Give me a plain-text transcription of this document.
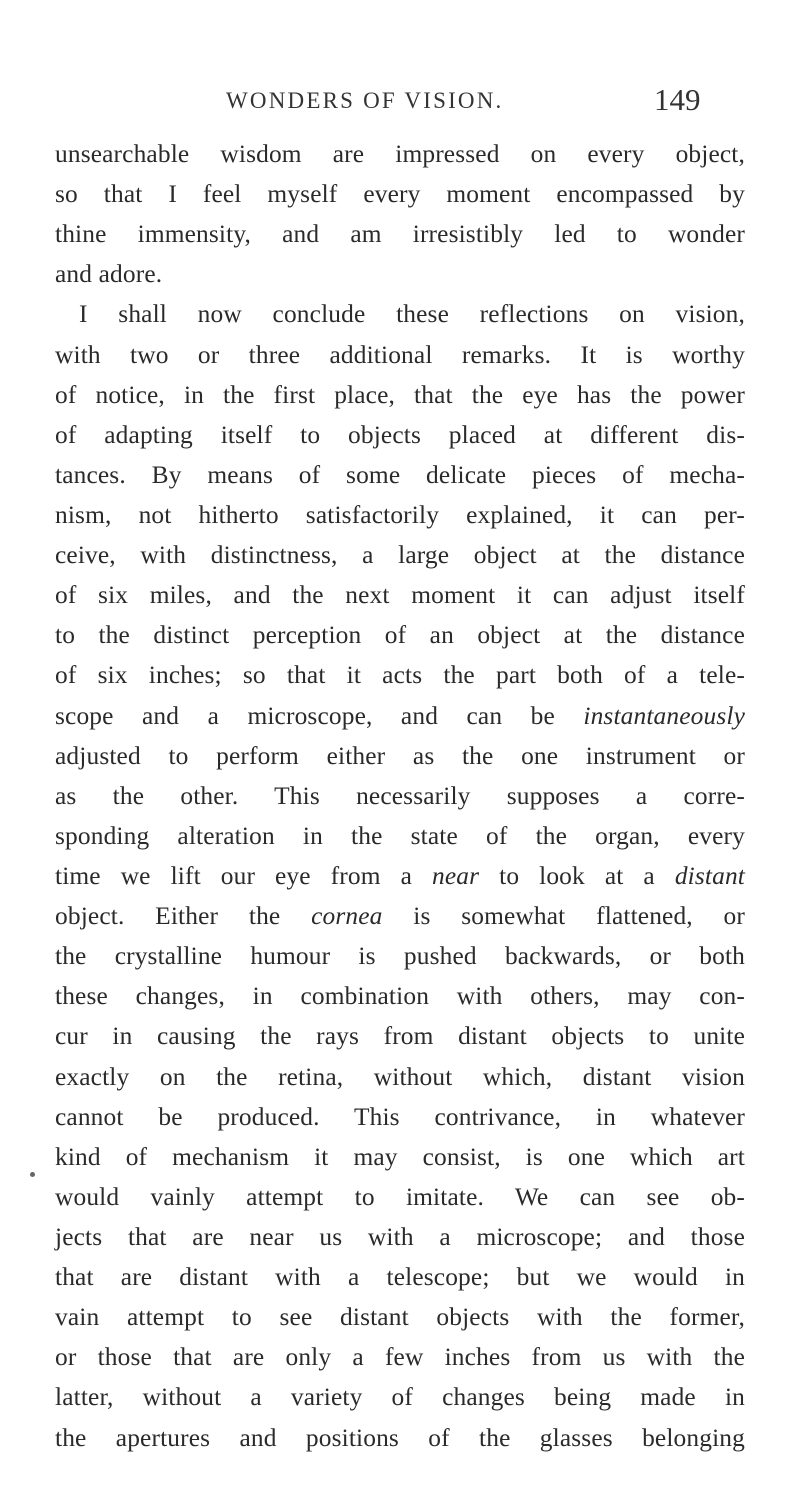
WONDERS OF VISION.	149
unsearchable wisdom are impressed on every object,
so that I feel myself every moment encompassed by
thine immensity, and am irresistibly led to wonder
and adore.
I shall now conclude these reflections on vision,
with two or three additional remarks. It is worthy
of notice, in the first place, that the eye has the power
of adapting itself to objects placed at different dis-
tances. By means of some delicate pieces of mecha-
nism, not hitherto satisfactorily explained, it can per-
ceive, with distinctness, a large object at the distance
of six miles, and the next moment it can adjust itself
to the distinct perception of an object at the distance
of six inches; so that it acts the part both of a tele-
scope and a microscope, and can be instantaneously
adjusted to perform either as the one instrument or
as the other. This necessarily supposes a corre-
sponding alteration in the state of the organ, every
time we lift our eye from a near to look at a distant
object. Either the cornea is somewhat flattened, or
the crystalline humour is pushed backwards, or both
these changes, in combination with others, may con-
cur in causing the rays from distant objects to unite
exactly on the retina, without which, distant vision
cannot be produced. This contrivance, in whatever
kind of mechanism it may consist, is one which art
would vainly attempt to imitate. We can see ob-
jects that are near us with a microscope; and those
that are distant with a telescope; but we would in
vain attempt to see distant objects with the former,
or those that are only a few inches from us with the
latter, without a variety of changes being made in
the apertures and positions of the glasses belonging
